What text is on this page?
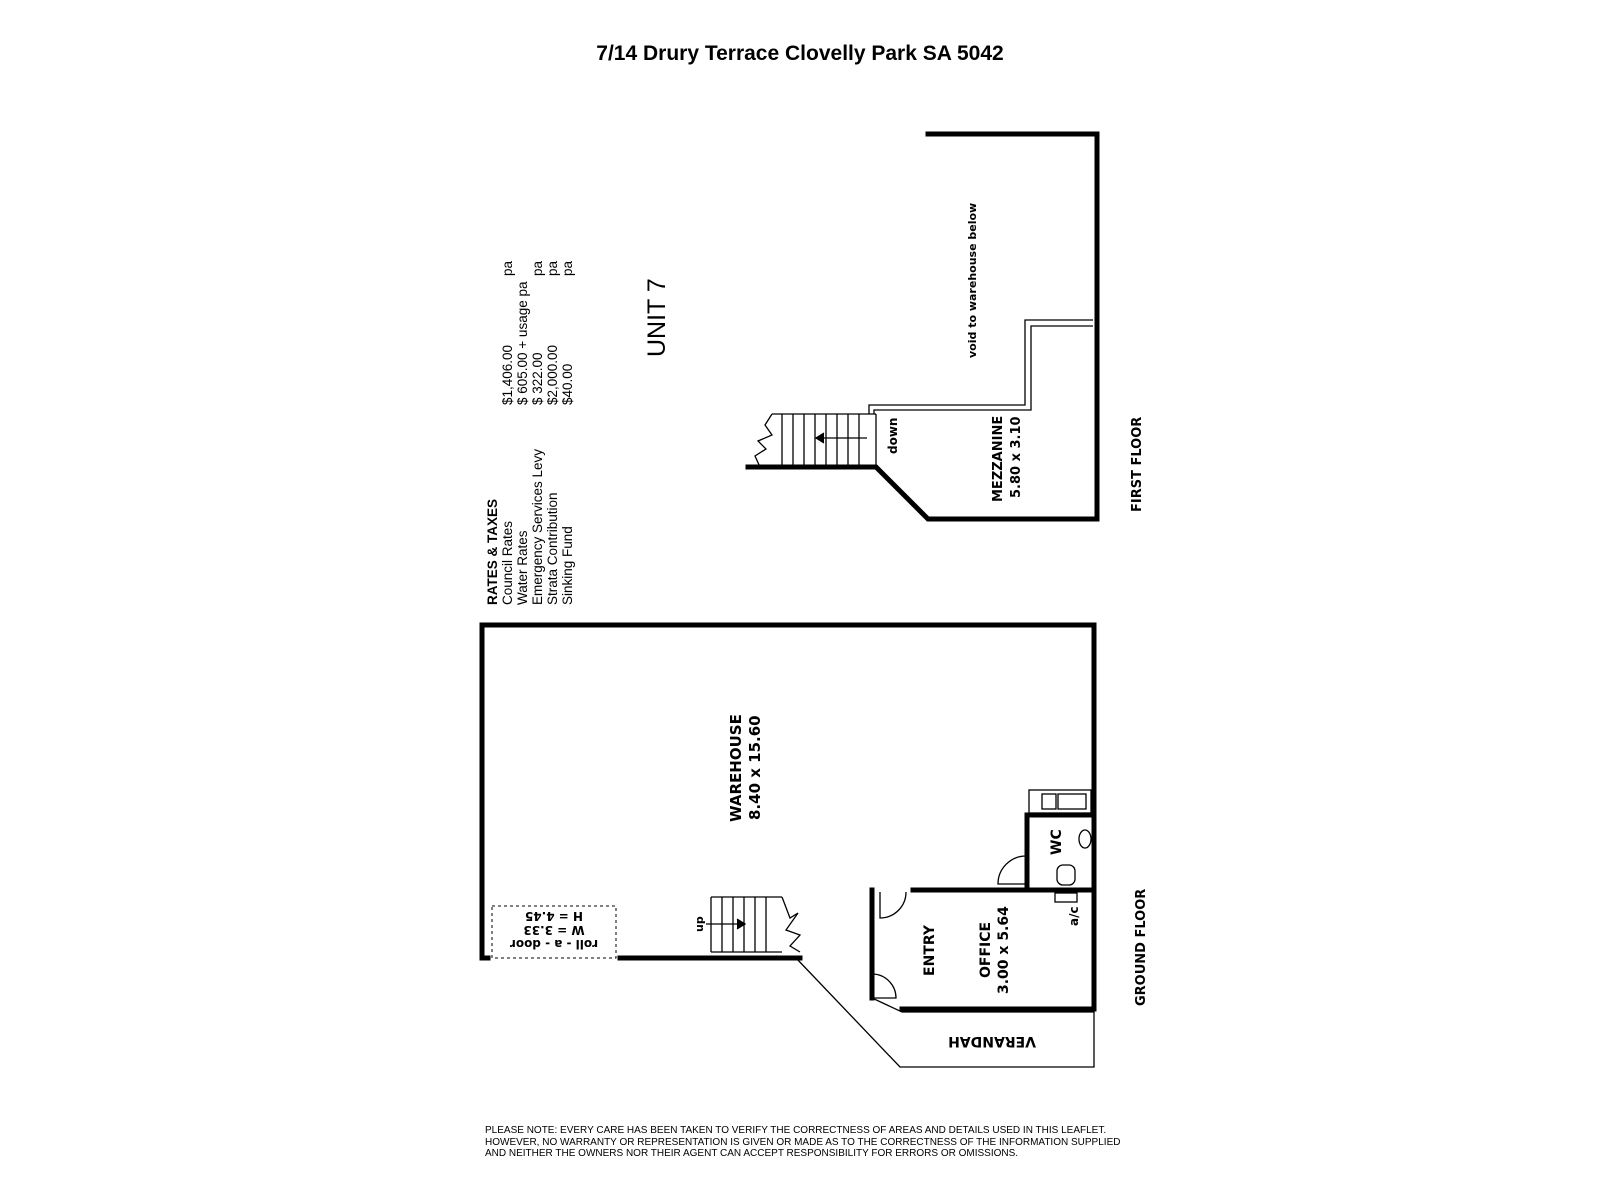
7/14 Drury Terrace Clovelly Park SA 5042
RATES & TAXES Council Rates Water Rates Emergency Services Levy Strata Contribution Sinking Fund
$1,406.00 $ 605.00 + usage pa $ 322.00 $2,000.00 $40.00
pa pa pa pa
UNIT 7
down
void to warehouse below
MEZZANINE 5.80 x 3.10	FIRST FLOOR
up
roll - a - door
W = 3.33
H = 4.45
WAREHOUSE 8.40 x 15.60
ENTRY	OFFICE 3.00 x 5.64
WC
a/c
VERANDAH
GROUND FLOOR
PLEASE NOTE: EVERY CARE HAS BEEN TAKEN TO VERIFY THE CORRECTNESS OF AREAS AND DETAILS USED IN THIS LEAFLET. HOWEVER, NO WARRANTY OR REPRESENTATION IS GIVEN OR MADE AS TO THE CORRECTNESS OF THE INFORMATION SUPPLIED AND NEITHER THE OWNERS NOR THEIR AGENT CAN ACCEPT RESPONSIBILITY FOR ERRORS OR OMISSIONS.
